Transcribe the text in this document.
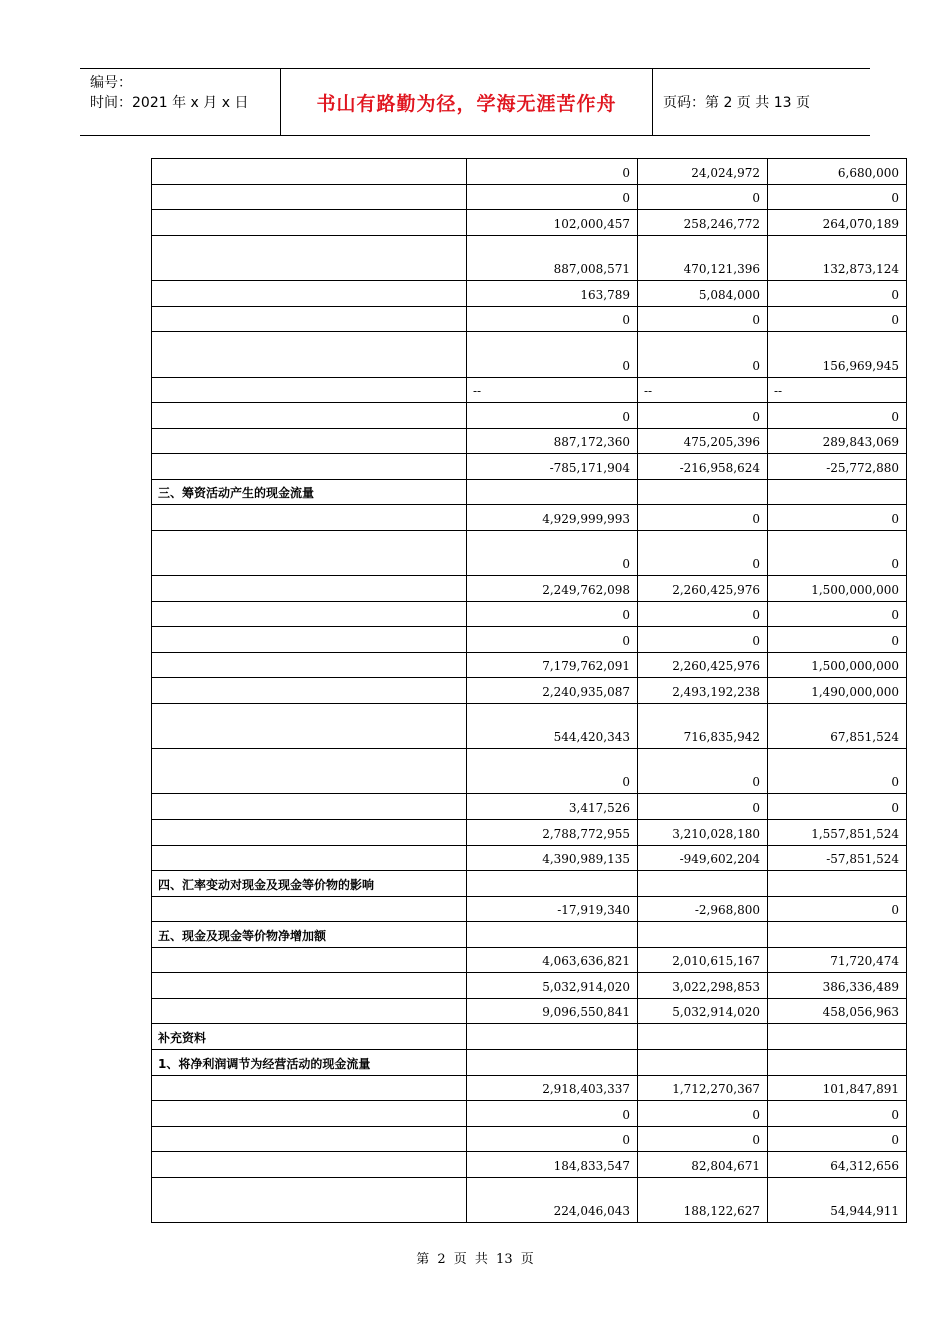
编号：
时间：2021 年 x 月 x 日	书山有路勤为径，学海无涯苦作舟	页码：第 2 页 共 13 页
	0	24,024,972	6,680,000
	0	0	0
	102,000,457	258,246,772	264,070,189
	887,008,571	470,121,396	132,873,124
	163,789	5,084,000	0
	0	0	0
	0	0	156,969,945
	--	--	--
	0	0	0
	887,172,360	475,205,396	289,843,069
	-785,171,904	-216,958,624	-25,772,880
三、筹资活动产生的现金流量			
	4,929,999,993	0	0
	0	0	0
	2,249,762,098	2,260,425,976	1,500,000,000
	0	0	0
	0	0	0
	7,179,762,091	2,260,425,976	1,500,000,000
	2,240,935,087	2,493,192,238	1,490,000,000
	544,420,343	716,835,942	67,851,524
	0	0	0
	3,417,526	0	0
	2,788,772,955	3,210,028,180	1,557,851,524
	4,390,989,135	-949,602,204	-57,851,524
四、汇率变动对现金及现金等价物的影响			
	-17,919,340	-2,968,800	0
五、现金及现金等价物净增加额			
	4,063,636,821	2,010,615,167	71,720,474
	5,032,914,020	3,022,298,853	386,336,489
	9,096,550,841	5,032,914,020	458,056,963
补充资料			
1、将净利润调节为经营活动的现金流量			
	2,918,403,337	1,712,270,367	101,847,891
	0	0	0
	0	0	0
	184,833,547	82,804,671	64,312,656
	224,046,043	188,122,627	54,944,911
第 2 页 共 13 页
